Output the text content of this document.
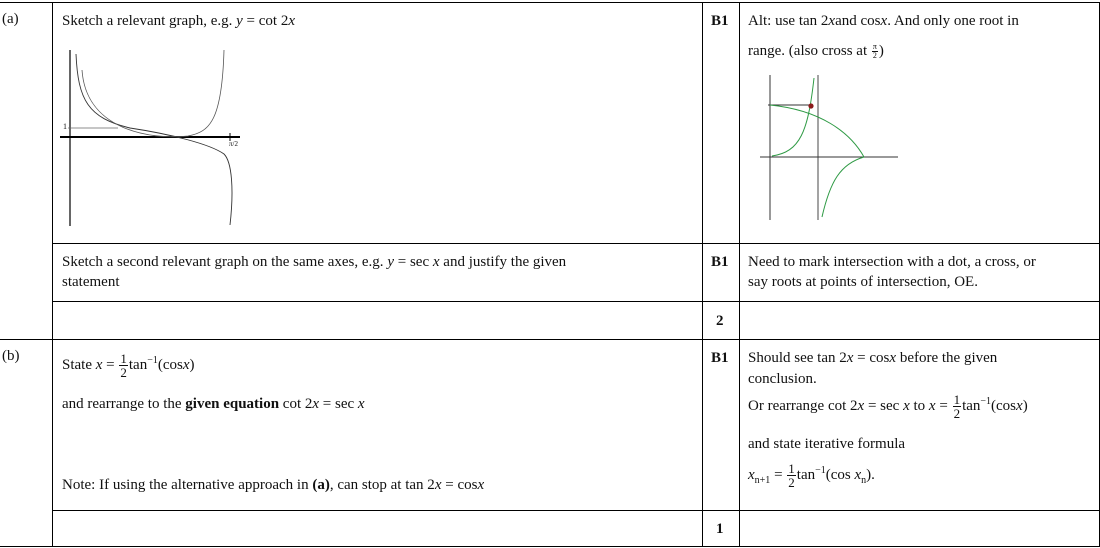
(a)	Sketch a relevant graph, e.g. y = cot 2x
1
π/2
B1 Alt: use tan 2xand cosx. And only one root in
range. (also cross at $\frac{\pi}{2}$ )
Sketch a second relevant graph on the same axes, e.g. y = sec x and justify the given
statement
B1 Need to mark intersection with a dot, a cross, or
say roots at points of intersection, OE.
2
(b)
State $x = \frac{1}{2} \tan^{-1}(\cos x)$
and rearrange to the given equation cot 2x = sec x
Note: If using the alternative approach in (a), can stop at tan 2x = cosx
B1 Should see tan 2x = cosx before the given
conclusion.
Or rearrange cot 2x = sec x to $x = \frac{1}{2} \tan^{-1}(\cos x)$
and state iterative formula
$x_{n+1} = \frac{1}{2} \tan^{-1}(\cos$ $x_n$).
1
